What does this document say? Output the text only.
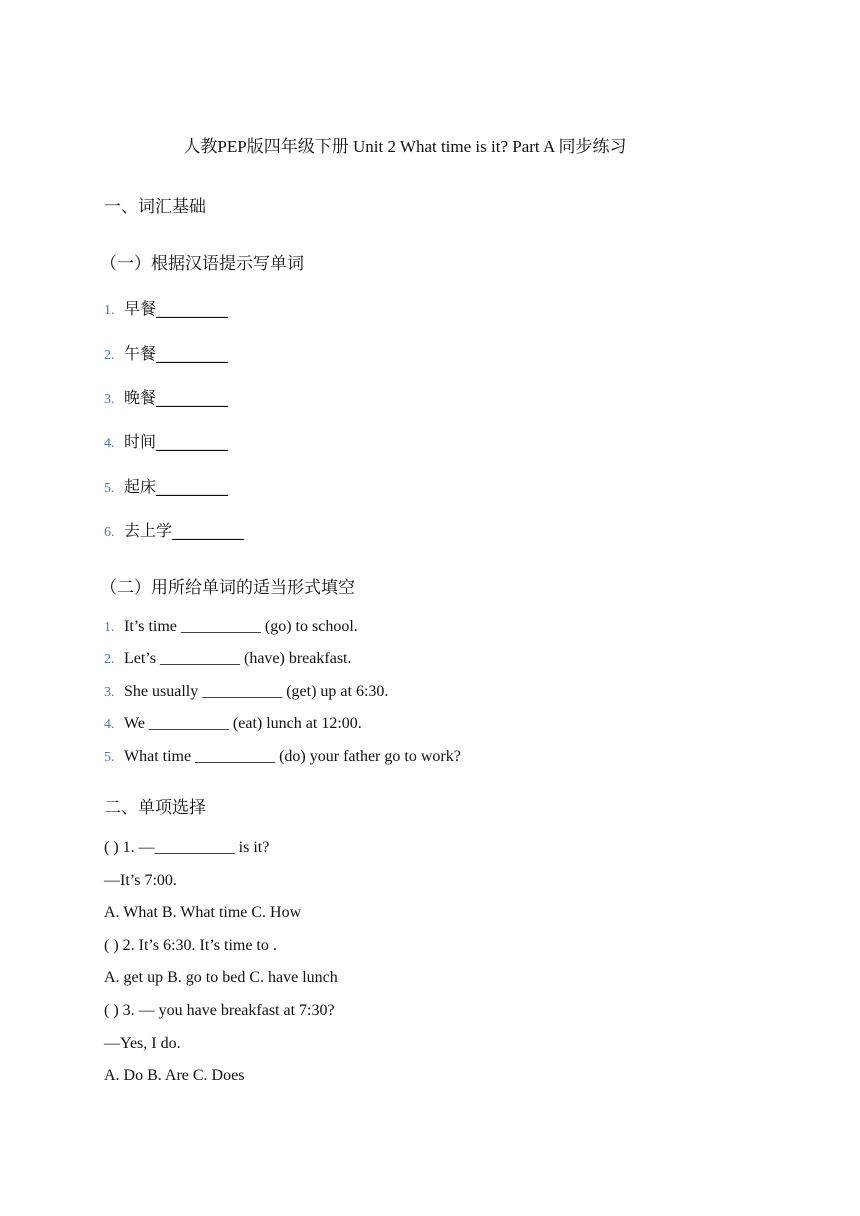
人教PEP版四年级下册 Unit 2 What time is it? Part A 同步练习
一、词汇基础
（一）根据汉语提示写单词
1. 早餐_________
2. 午餐_________
3. 晚餐_________
4. 时间_________
5. 起床_________
6. 去上学_________
（二）用所给单词的适当形式填空
1. It’s time __________ (go) to school.
2. Let’s __________ (have) breakfast.
3. She usually __________ (get) up at 6:30.
4. We __________ (eat) lunch at 12:00.
5. What time __________ (do) your father go to work?
二、单项选择
( ) 1. —__________ is it?
—It’s 7:00.
A. What B. What time C. How
( ) 2. It’s 6:30. It’s time to .
A. get up B. go to bed C. have lunch
( ) 3. — you have breakfast at 7:30?
—Yes, I do.
A. Do B. Are C. Does
